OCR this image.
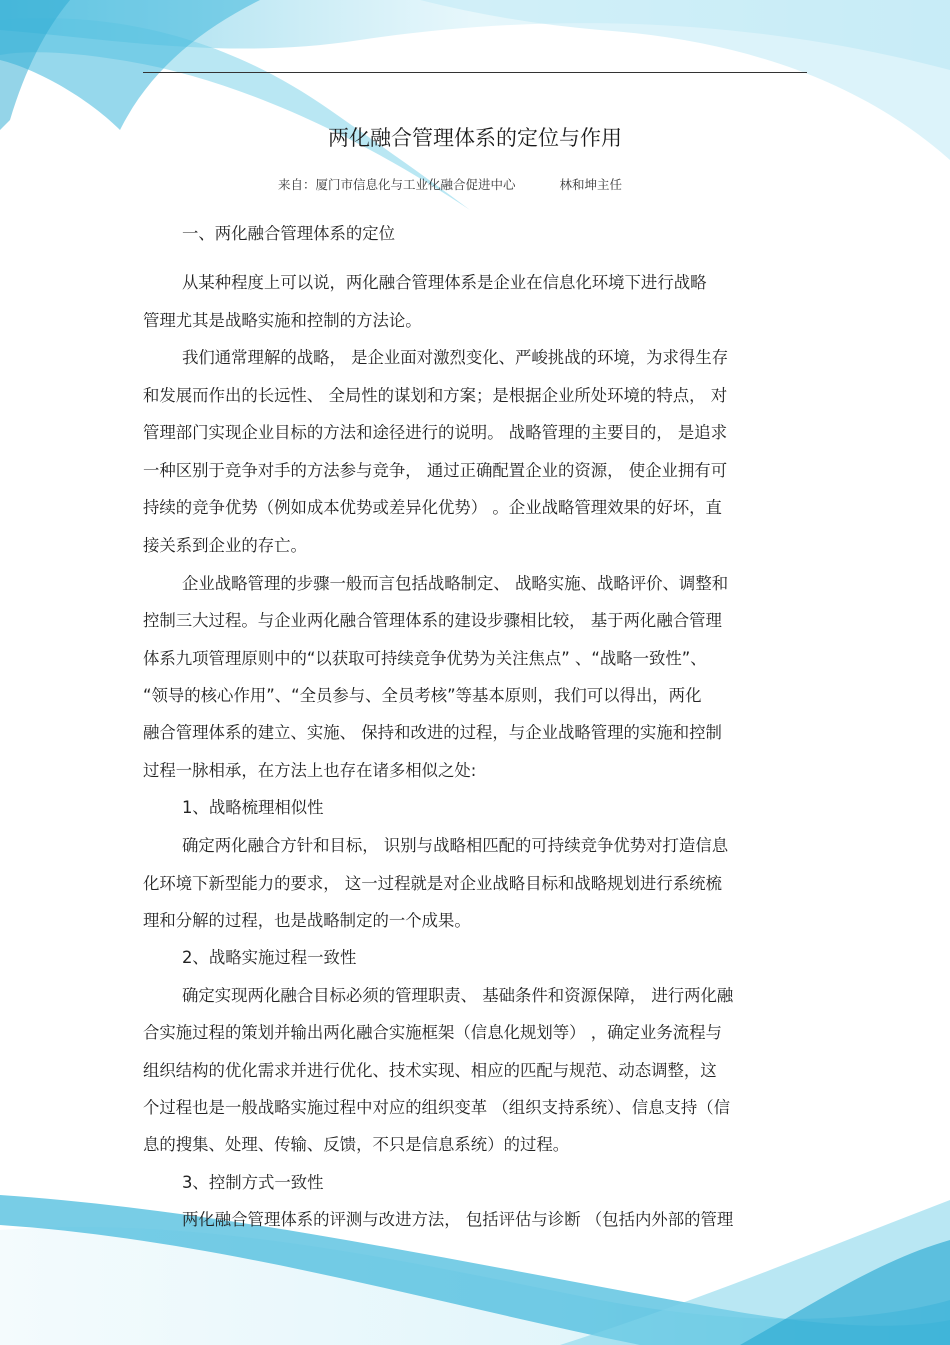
两化融合管理体系的定位与作用
来自：厦门市信息化与工业化融合促进中心	林和坤主任
一、两化融合管理体系的定位
从某种程度上可以说，两化融合管理体系是企业在信息化环境下进行战略
管理尤其是战略实施和控制的方法论。
我们通常理解的战略， 是企业面对激烈变化、严峻挑战的环境，为求得生存
和发展而作出的长远性、 全局性的谋划和方案；是根据企业所处环境的特点， 对
管理部门实现企业目标的方法和途径进行的说明。 战略管理的主要目的， 是追求
一种区别于竞争对手的方法参与竞争， 通过正确配置企业的资源， 使企业拥有可
持续的竞争优势（例如成本优势或差异化优势） 。企业战略管理效果的好坏，直
接关系到企业的存亡。
企业战略管理的步骤一般而言包括战略制定、 战略实施、战略评价、调整和
控制三大过程。与企业两化融合管理体系的建设步骤相比较， 基于两化融合管理
体系九项管理原则中的“以获取可持续竞争优势为关注焦点” 、“战略一致性”、
“领导的核心作用”、“全员参与、全员考核”等基本原则，我们可以得出，两化
融合管理体系的建立、实施、 保持和改进的过程，与企业战略管理的实施和控制
过程一脉相承，在方法上也存在诸多相似之处:
1、战略梳理相似性
确定两化融合方针和目标， 识别与战略相匹配的可持续竞争优势对打造信息
化环境下新型能力的要求， 这一过程就是对企业战略目标和战略规划进行系统梳
理和分解的过程，也是战略制定的一个成果。
2、战略实施过程一致性
确定实现两化融合目标必须的管理职责、 基础条件和资源保障， 进行两化融
合实施过程的策划并输出两化融合实施框架（信息化规划等） ，确定业务流程与
组织结构的优化需求并进行优化、技术实现、相应的匹配与规范、动态调整，这
个过程也是一般战略实施过程中对应的组织变革 （组织支持系统）、信息支持（信
息的搜集、处理、传输、反馈，不只是信息系统）的过程。
3、控制方式一致性
两化融合管理体系的评测与改进方法， 包括评估与诊断 （包括内外部的管理
